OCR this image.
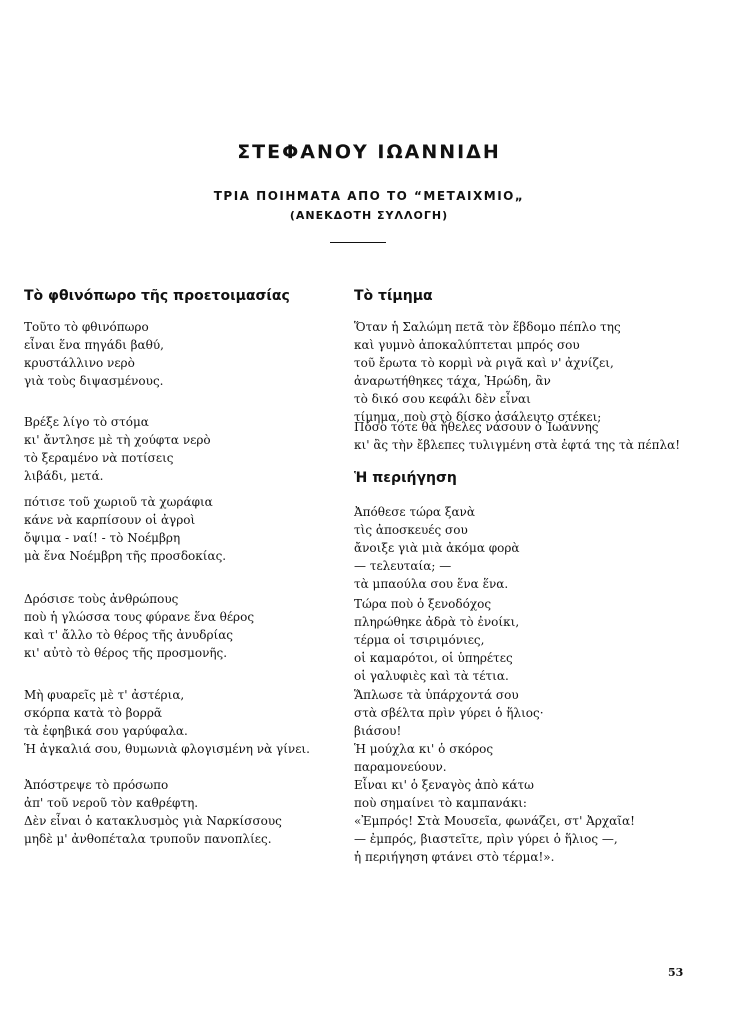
ΣΤΕΦΑΝΟΥ ΙΩΑΝΝΙΔΗ
ΤΡΙΑ ΠΟΙΗΜΑΤΑ ΑΠΟ ΤΟ “ΜΕΤΑΙΧΜΙΟ„
(ΑΝΕΚΔΟΤΗ ΣΥΛΛΟΓΗ)
Τὸ φθινόπωρο τῆς προετοιμασίας
Τοῦτο τὸ φθινόπωρο
εἶναι ἕνα πηγάδι βαθύ,
κρυστάλλινο νερὸ
γιὰ τοὺς διψασμένους.
Βρέξε λίγο τὸ στόμα
κι' ἄντλησε μὲ τὴ χούφτα νερὸ
τὸ ξεραμένο νὰ ποτίσεις
λιβάδι, μετά.
πότισε τοῦ χωριοῦ τὰ χωράφια
κάνε νὰ καρπίσουν οἱ ἀγροὶ
ὄψιμα - ναί! - τὸ Νοέμβρη
μὰ ἕνα Νοέμβρη τῆς προσδοκίας.
Δρόσισε τοὺς ἀνθρώπους
ποὺ ἡ γλώσσα τους φύρανε ἕνα θέρος
καὶ τ' ἄλλο τὸ θέρος τῆς ἀνυδρίας
κι' αὐτὸ τὸ θέρος τῆς προσμονῆς.
Μὴ φυαρεῖς μὲ τ' ἀστέρια,
σκόρπα κατὰ τὸ βορρᾶ
τὰ ἐφηβικά σου γαρύφαλα.
Ἡ ἀγκαλιά σου, θυμωνιὰ φλογισμένη νὰ γίνει.
Ἀπόστρεψε τὸ πρόσωπο
ἀπ' τοῦ νεροῦ τὸν καθρέφτη.
Δὲν εἶναι ὁ κατακλυσμὸς γιὰ Ναρκίσσους
μηδὲ μ' ἀνθοπέταλα τρυποῦν πανοπλίες.
Τὸ τίμημα
Ὅταν ἡ Σαλώμη πετᾶ τὸν ἕβδομο πέπλο της
καὶ γυμνὸ ἀποκαλύπτεται μπρός σου
τοῦ ἔρωτα τὸ κορμὶ νὰ ριγᾶ καὶ ν' ἀχνίζει,
ἀναρωτήθηκες τάχα, Ἡρώδη, ἂν
τὸ δικό σου κεφάλι δὲν εἶναι
τίμημα, ποὺ στὸ δίσκο ἀσάλευτο στέκει;
Πόσο τότε θὰ ἤθελες νάσουν ὁ Ἰωάννης
κι' ἂς τὴν ἔβλεπες τυλιγμένη στὰ ἐφτά της τὰ πέπλα!
Ἡ περιήγηση
Ἀπόθεσε τώρα ξανὰ
τὶς ἀποσκευές σου
ἄνοιξε γιὰ μιὰ ἀκόμα φορὰ
— τελευταία; —
τὰ μπαούλα σου ἕνα ἕνα.
Τώρα ποὺ ὁ ξενοδόχος
πληρώθηκε ἀδρὰ τὸ ἐνοίκι,
τέρμα οἱ τσιριμόνιες,
οἱ καμαρότοι, οἱ ὑπηρέτες
οἱ γαλυφιὲς καὶ τὰ τέτια.
Ἅπλωσε τὰ ὑπάρχοντά σου
στὰ σβέλτα πρὶν γύρει ὁ ἥλιος·
βιάσου!
Ἡ μούχλα κι' ὁ σκόρος
παραμονεύουν.
Εἶναι κι' ὁ ξεναγὸς ἀπὸ κάτω
ποὺ σημαίνει τὸ καμπανάκι:
«Ἐμπρός! Στὰ Μουσεῖα, φωνάζει, στ' Ἀρχαῖα!
— ἐμπρός, βιαστεῖτε, πρὶν γύρει ὁ ἥλιος —,
ἡ περιήγηση φτάνει στὸ τέρμα!».
53
